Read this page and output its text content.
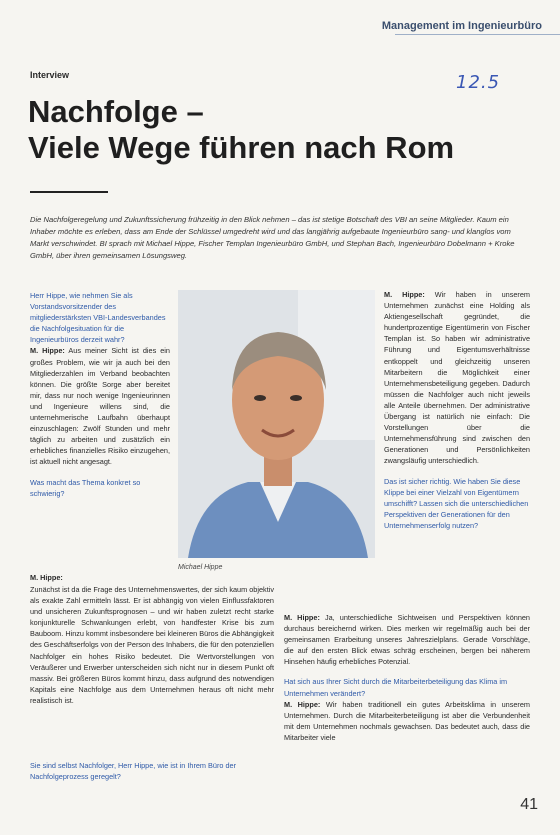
Management im Ingenieurbüro
Interview	12.5
Nachfolge –
Viele Wege führen nach Rom
Die Nachfolgeregelung und Zukunftssicherung frühzeitig in den Blick nehmen – das ist stetige Botschaft des VBI an seine Mitglieder. Kaum ein Inhaber möchte es erleben, dass am Ende der Schlüssel umgedreht wird und das langjährig aufgebaute Ingenieurbüro sang- und klanglos vom Markt verschwindet. BI sprach mit Michael Hippe, Fischer Templan Ingenieurbüro GmbH, und Stephan Bach, Ingenieurbüro Dobelmann + Kroke GmbH, über ihren gemeinsamen Lösungsweg.

Herr Hippe, wie nehmen Sie als Vorstandsvorsitzender des mitgliederstärksten VBI-Landesverbandes die Nachfolgesituation für die Ingenieurbüros derzeit wahr?

M. Hippe: Aus meiner Sicht ist dies ein großes Problem, wie wir ja auch bei den Mitgliederzahlen im Verband beobachten können. Die größte Sorge aber bereitet mir, dass nur noch wenige Ingenieurinnen und Ingenieure willens sind, die unternehmerische Laufbahn überhaupt einzuschlagen: Zwölf Stunden und mehr täglich zu arbeiten und zusätzlich ein erhebliches finanzielles Risiko einzugehen, ist aktuell nicht angesagt.

Was macht das Thema konkret so schwierig?

Michael Hippe

M. Hippe: Wir haben in unserem Unternehmen zunächst eine Holding als Aktiengesellschaft gegründet, die hundertprozentige Eigentümerin von Fischer Templan ist. So haben wir administrative Führung und Eigentumsverhältnisse entkoppelt und gleichzeitig unseren Mitarbeitern die Möglichkeit einer Unternehmensbeteiligung gegeben. Dadurch müssen die Nachfolger auch nicht jeweils alle Anteile übernehmen. Der administrative Übergang ist natürlich nie einfach: Die Vorstellungen über die Unternehmensführung sind zwischen den Generationen und Persönlichkeiten zwangsläufig unterschiedlich.

Das ist sicher richtig. Wie haben Sie diese Klippe bei einer Vielzahl von Eigentümern umschifft? Lassen sich die unterschiedlichen Perspektiven der Generationen für den Unternehmenserfolg nutzen?

M. Hippe:

Zunächst ist da die Frage des Unternehmenswertes, der sich kaum objektiv als exakte Zahl ermitteln lässt. Er ist abhängig von vielen Einflussfaktoren und unsicheren Zukunftsprognosen – und wir haben zuletzt recht starke konjunkturelle Schwankungen erlebt, von handfester Krise bis zum Bauboom. Hinzu kommt insbesondere bei kleineren Büros die Abhängigkeit des Geschäftserfolgs von der Person des Inhabers, die für den potenziellen Nachfolger ein hohes Risiko bedeutet. Die Wertvorstellungen von Veräußerer und Erwerber unterscheiden sich nicht nur in diesem Punkt oft massiv. Bei größeren Büros kommt hinzu, dass aufgrund des notwendigen Kapitals eine Nachfolge aus dem Unternehmen heraus oft nicht mehr realistisch ist.

Sie sind selbst Nachfolger, Herr Hippe, wie ist in Ihrem Büro der Nachfolgeprozess geregelt?

M. Hippe: Ja, unterschiedliche Sichtweisen und Perspektiven können durchaus bereichernd wirken. Dies merken wir regelmäßig auch bei der gemeinsamen Erarbeitung unseres Jahreszielplans. Gerade Vorschläge, die auf den ersten Blick etwas schräg erscheinen, bergen bei näherem Hinsehen häufig erhebliches Potenzial.

Hat sich aus Ihrer Sicht durch die Mitarbeiterbeteiligung das Klima im Unternehmen verändert?

M. Hippe: Wir haben traditionell ein gutes Arbeitsklima in unserem Unternehmen. Durch die Mitarbeiterbeteiligung ist aber die Verbundenheit mit dem Unternehmen nochmals gewachsen. Das bedeutet auch, dass die Mitarbeiter viele

41
